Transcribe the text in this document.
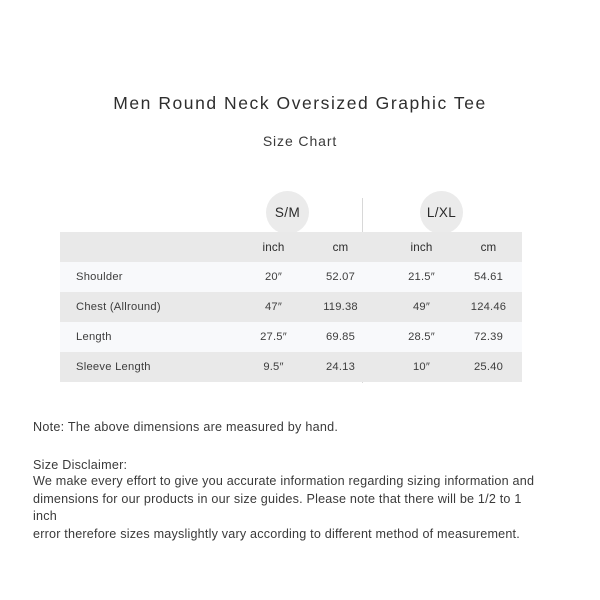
Men Round Neck Oversized Graphic Tee
Size Chart
S/M	L/XL
inch	cm	inch	cm
Shoulder	20″	52.07	21.5″	54.61
Chest (Allround)	47″	119.38	49″	124.46
Length	27.5″	69.85	28.5″	72.39
Sleeve Length	9.5″	24.13	10″	25.40
Note: The above dimensions are measured by hand.
Size Disclaimer:
We make every effort to give you accurate information regarding sizing information and
dimensions for our products in our size guides. Please note that there will be 1/2 to 1 inch
error therefore sizes mayslightly vary according to different method of measurement.
